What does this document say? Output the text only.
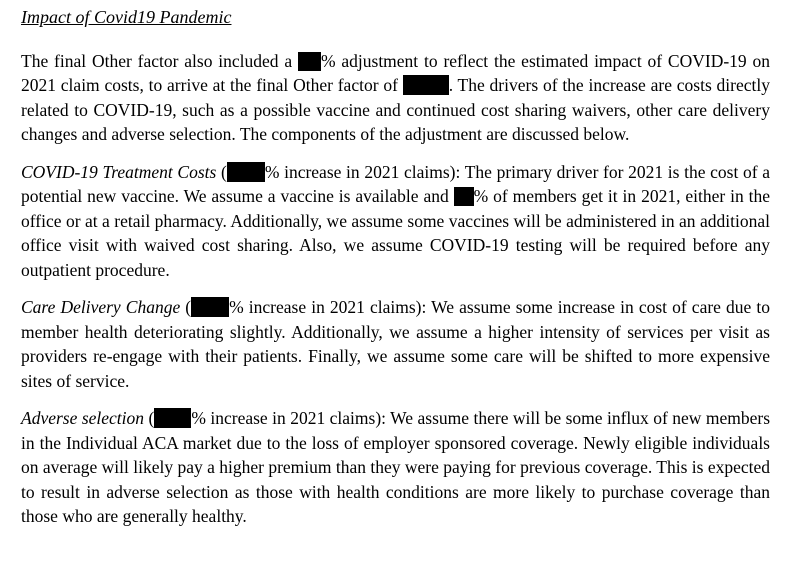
Impact of Covid19 Pandemic

The final Other factor also included a % adjustment to reflect the estimated impact of COVID-19 on 2021 claim costs, to arrive at the final Other factor of	. The drivers of the increase are costs directly related to COVID-19, such as a possible vaccine and continued cost sharing waivers, other care delivery changes and adverse selection. The components of the adjustment are discussed below.

COVID-19 Treatment Costs ( % increase in 2021 claims): The primary driver for 2021 is the cost of a potential new vaccine. We assume a vaccine is available and % of members get it in 2021, either in the office or at a retail pharmacy. Additionally, we assume some vaccines will be administered in an additional office visit with waived cost sharing. Also, we assume COVID-19 testing will be required before any outpatient procedure.

Care Delivery Change ( % increase in 2021 claims): We assume some increase in cost of care due to member health deteriorating slightly. Additionally, we assume a higher intensity of services per visit as providers re-engage with their patients. Finally, we assume some care will be shifted to more expensive sites of service.

Adverse selection ( % increase in 2021 claims): We assume there will be some influx of new members in the Individual ACA market due to the loss of employer sponsored coverage. Newly eligible individuals on average will likely pay a higher premium than they were paying for previous coverage. This is expected to result in adverse selection as those with health conditions are more likely to purchase coverage than those who are generally healthy.
